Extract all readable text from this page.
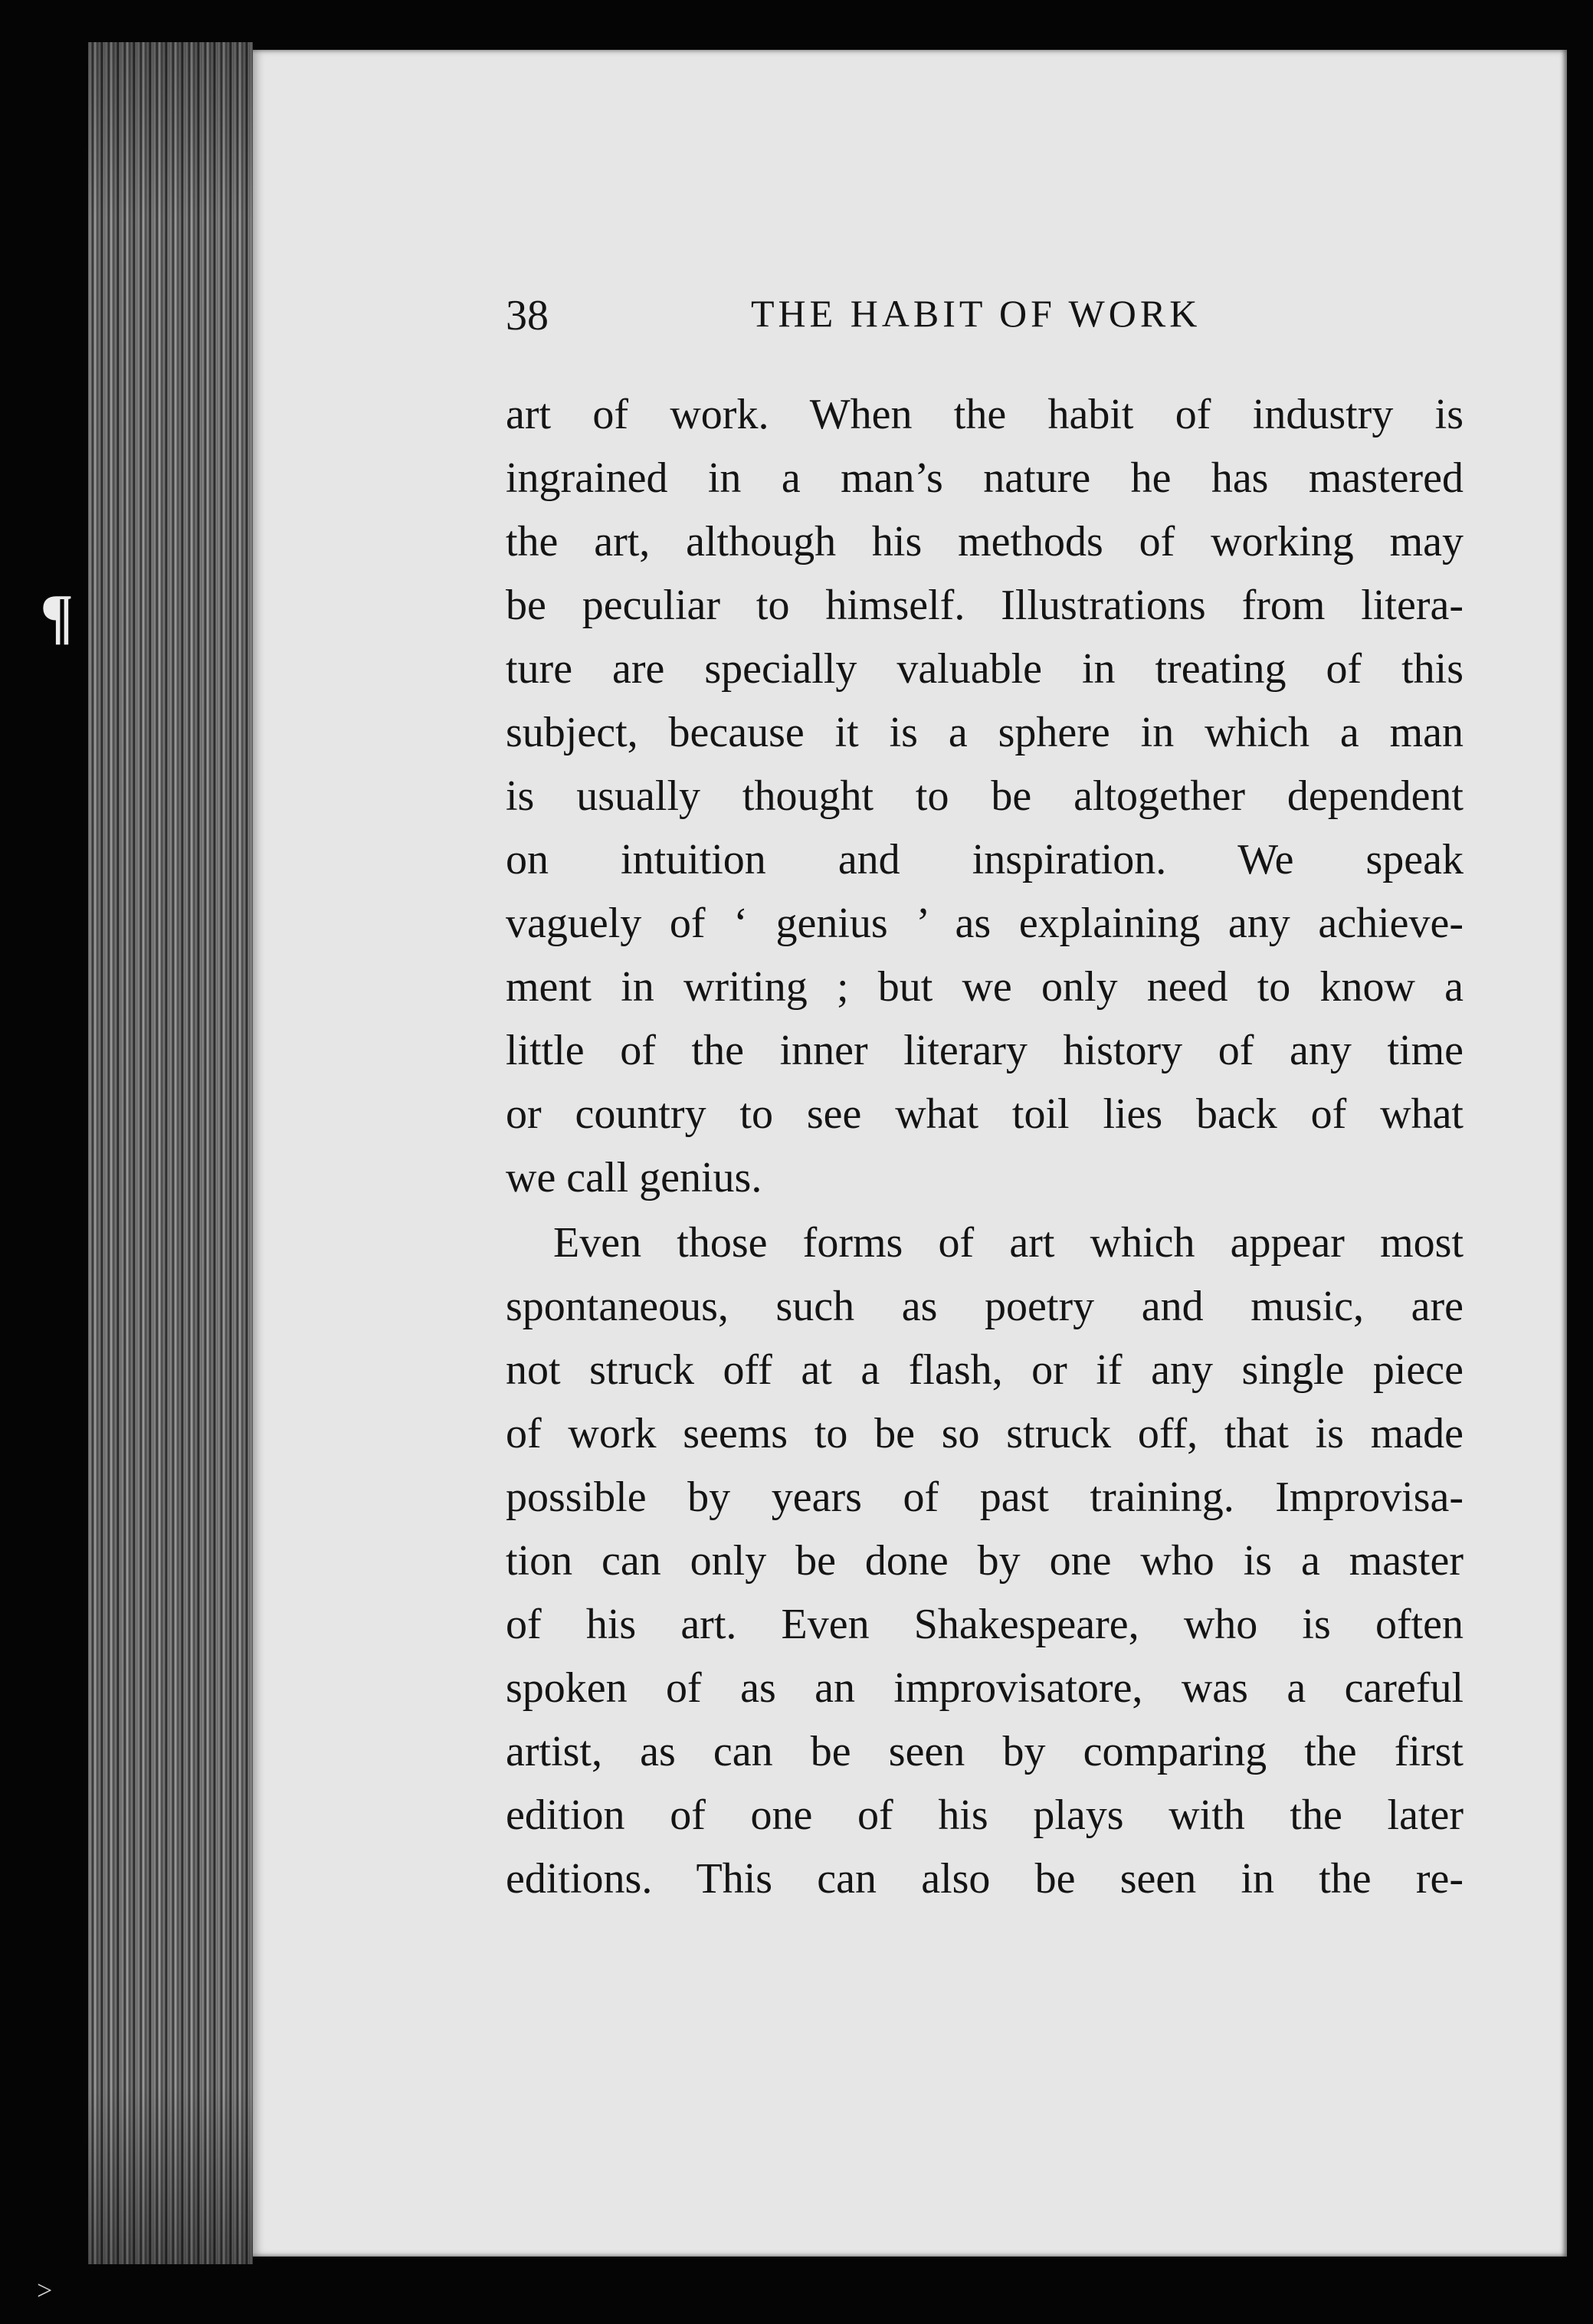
¶
˃
38	THE HABIT OF WORK
art of work. When the habit of industry is
ingrained in a man’s nature he has mastered
the art, although his methods of working may
be peculiar to himself. Illustrations from litera-
ture are specially valuable in treating of this
subject, because it is a sphere in which a man
is usually thought to be altogether dependent
on intuition and inspiration. We speak
vaguely of ‘ genius ’ as explaining any achieve-
ment in writing ; but we only need to know a
little of the inner literary history of any time
or country to see what toil lies back of what
we call genius.
Even those forms of art which appear most
spontaneous, such as poetry and music, are
not struck off at a flash, or if any single piece
of work seems to be so struck off, that is made
possible by years of past training. Improvisa-
tion can only be done by one who is a master
of his art. Even Shakespeare, who is often
spoken of as an improvisatore, was a careful
artist, as can be seen by comparing the first
edition of one of his plays with the later
editions. This can also be seen in the re-
